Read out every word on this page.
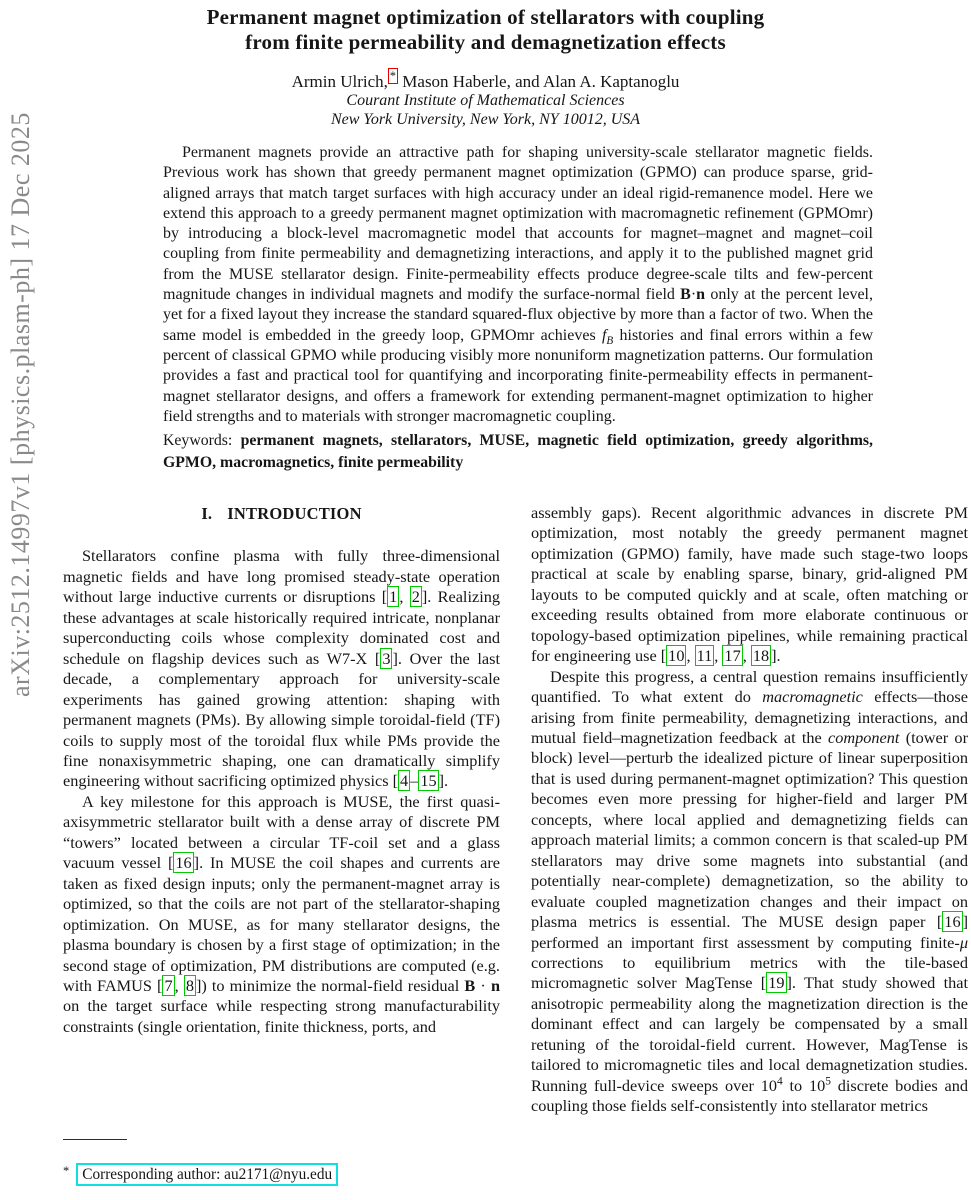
arXiv:2512.14997v1 [physics.plasm-ph] 17 Dec 2025
Permanent magnet optimization of stellarators with coupling
from finite permeability and demagnetization effects
Armin Ulrich, * Mason Haberle, and Alan A. Kaptanoglu
Courant Institute of Mathematical Sciences
New York University, New York, NY 10012, USA
Permanent magnets provide an attractive path for shaping university-scale stellarator magnetic fields. Previous work has shown that greedy permanent magnet optimization (GPMO) can produce sparse, grid-aligned arrays that match target surfaces with high accuracy under an ideal rigid-remanence model. Here we extend this approach to a greedy permanent magnet optimization with macromagnetic refinement (GPMOmr) by introducing a block-level macromagnetic model that accounts for magnet–magnet and magnet–coil coupling from finite permeability and demagnetizing interactions, and apply it to the published magnet grid from the MUSE stellarator design. Finite-permeability effects produce degree-scale tilts and few-percent magnitude changes in individual magnets and modify the surface-normal field B·n only at the percent level, yet for a fixed layout they increase the standard squared-flux objective by more than a factor of two. When the same model is embedded in the greedy loop, GPMOmr achieves $f_B$ histories and final errors within a few percent of classical GPMO while producing visibly more nonuniform magnetization patterns. Our formulation provides a fast and practical tool for quantifying and incorporating finite-permeability effects in permanent-magnet stellarator designs, and offers a framework for extending permanent-magnet optimization to higher field strengths and to materials with stronger macromagnetic coupling.
Keywords: permanent magnets, stellarators, MUSE, magnetic field optimization, greedy algorithms, GPMO, macromagnetics, finite permeability
I. INTRODUCTION

Stellarators confine plasma with fully three-dimensional magnetic fields and have long promised steady-state operation without large inductive currents or disruptions [ 1 , 2 ]. Realizing these advantages at scale historically required intricate, nonplanar superconducting coils whose complexity dominated cost and schedule on flagship devices such as W7-X [ 3 ]. Over the last decade, a complementary approach for university-scale experiments has gained growing attention: shaping with permanent magnets (PMs). By allowing simple toroidal-field (TF) coils to supply most of the toroidal flux while PMs provide the fine nonaxisymmetric shaping, one can dramatically simplify engineering without sacrificing optimized physics [ 4 – 15 ].

A key milestone for this approach is MUSE, the first quasi-axisymmetric stellarator built with a dense array of discrete PM “towers” located between a circular TF-coil set and a glass vacuum vessel [ 16 ]. In MUSE the coil shapes and currents are taken as fixed design inputs; only the permanent-magnet array is optimized, so that the coils are not part of the stellarator-shaping optimization. On MUSE, as for many stellarator designs, the plasma boundary is chosen by a first stage of optimization; in the second stage of optimization, PM distributions are computed (e.g. with FAMUS [ 7 , 8 ]) to minimize the normal-field residual B · n on the target surface while respecting strong manufacturability constraints (single orientation, finite thickness, ports, and

assembly gaps). Recent algorithmic advances in discrete PM optimization, most notably the greedy permanent magnet optimization (GPMO) family, have made such stage-two loops practical at scale by enabling sparse, binary, grid-aligned PM layouts to be computed quickly and at scale, often matching or exceeding results obtained from more elaborate continuous or topology-based optimization pipelines, while remaining practical for engineering use [ 10 , 11 , 17 , 18 ].

Despite this progress, a central question remains insufficiently quantified. To what extent do macromagnetic effects—those arising from finite permeability, demagnetizing interactions, and mutual field–magnetization feedback at the component (tower or block) level—perturb the idealized picture of linear superposition that is used during permanent-magnet optimization? This question becomes even more pressing for higher-field and larger PM concepts, where local applied and demagnetizing fields can approach material limits; a common concern is that scaled-up PM stellarators may drive some magnets into substantial (and potentially near-complete) demagnetization, so the ability to evaluate coupled magnetization changes and their impact on plasma metrics is essential. The MUSE design paper [ 16 ] performed an important first assessment by computing finite-μ corrections to equilibrium metrics with the tile-based micromagnetic solver MagTense [ 19 ]. That study showed that anisotropic permeability along the magnetization direction is the dominant effect and can largely be compensated by a small retuning of the toroidal-field current. However, MagTense is tailored to micromagnetic tiles and local demagnetization studies. Running full-device sweeps over $10^4$ to $10^5$ discrete bodies and coupling those fields self-consistently into stellarator metrics

* Corresponding author: au2171@nyu.edu
